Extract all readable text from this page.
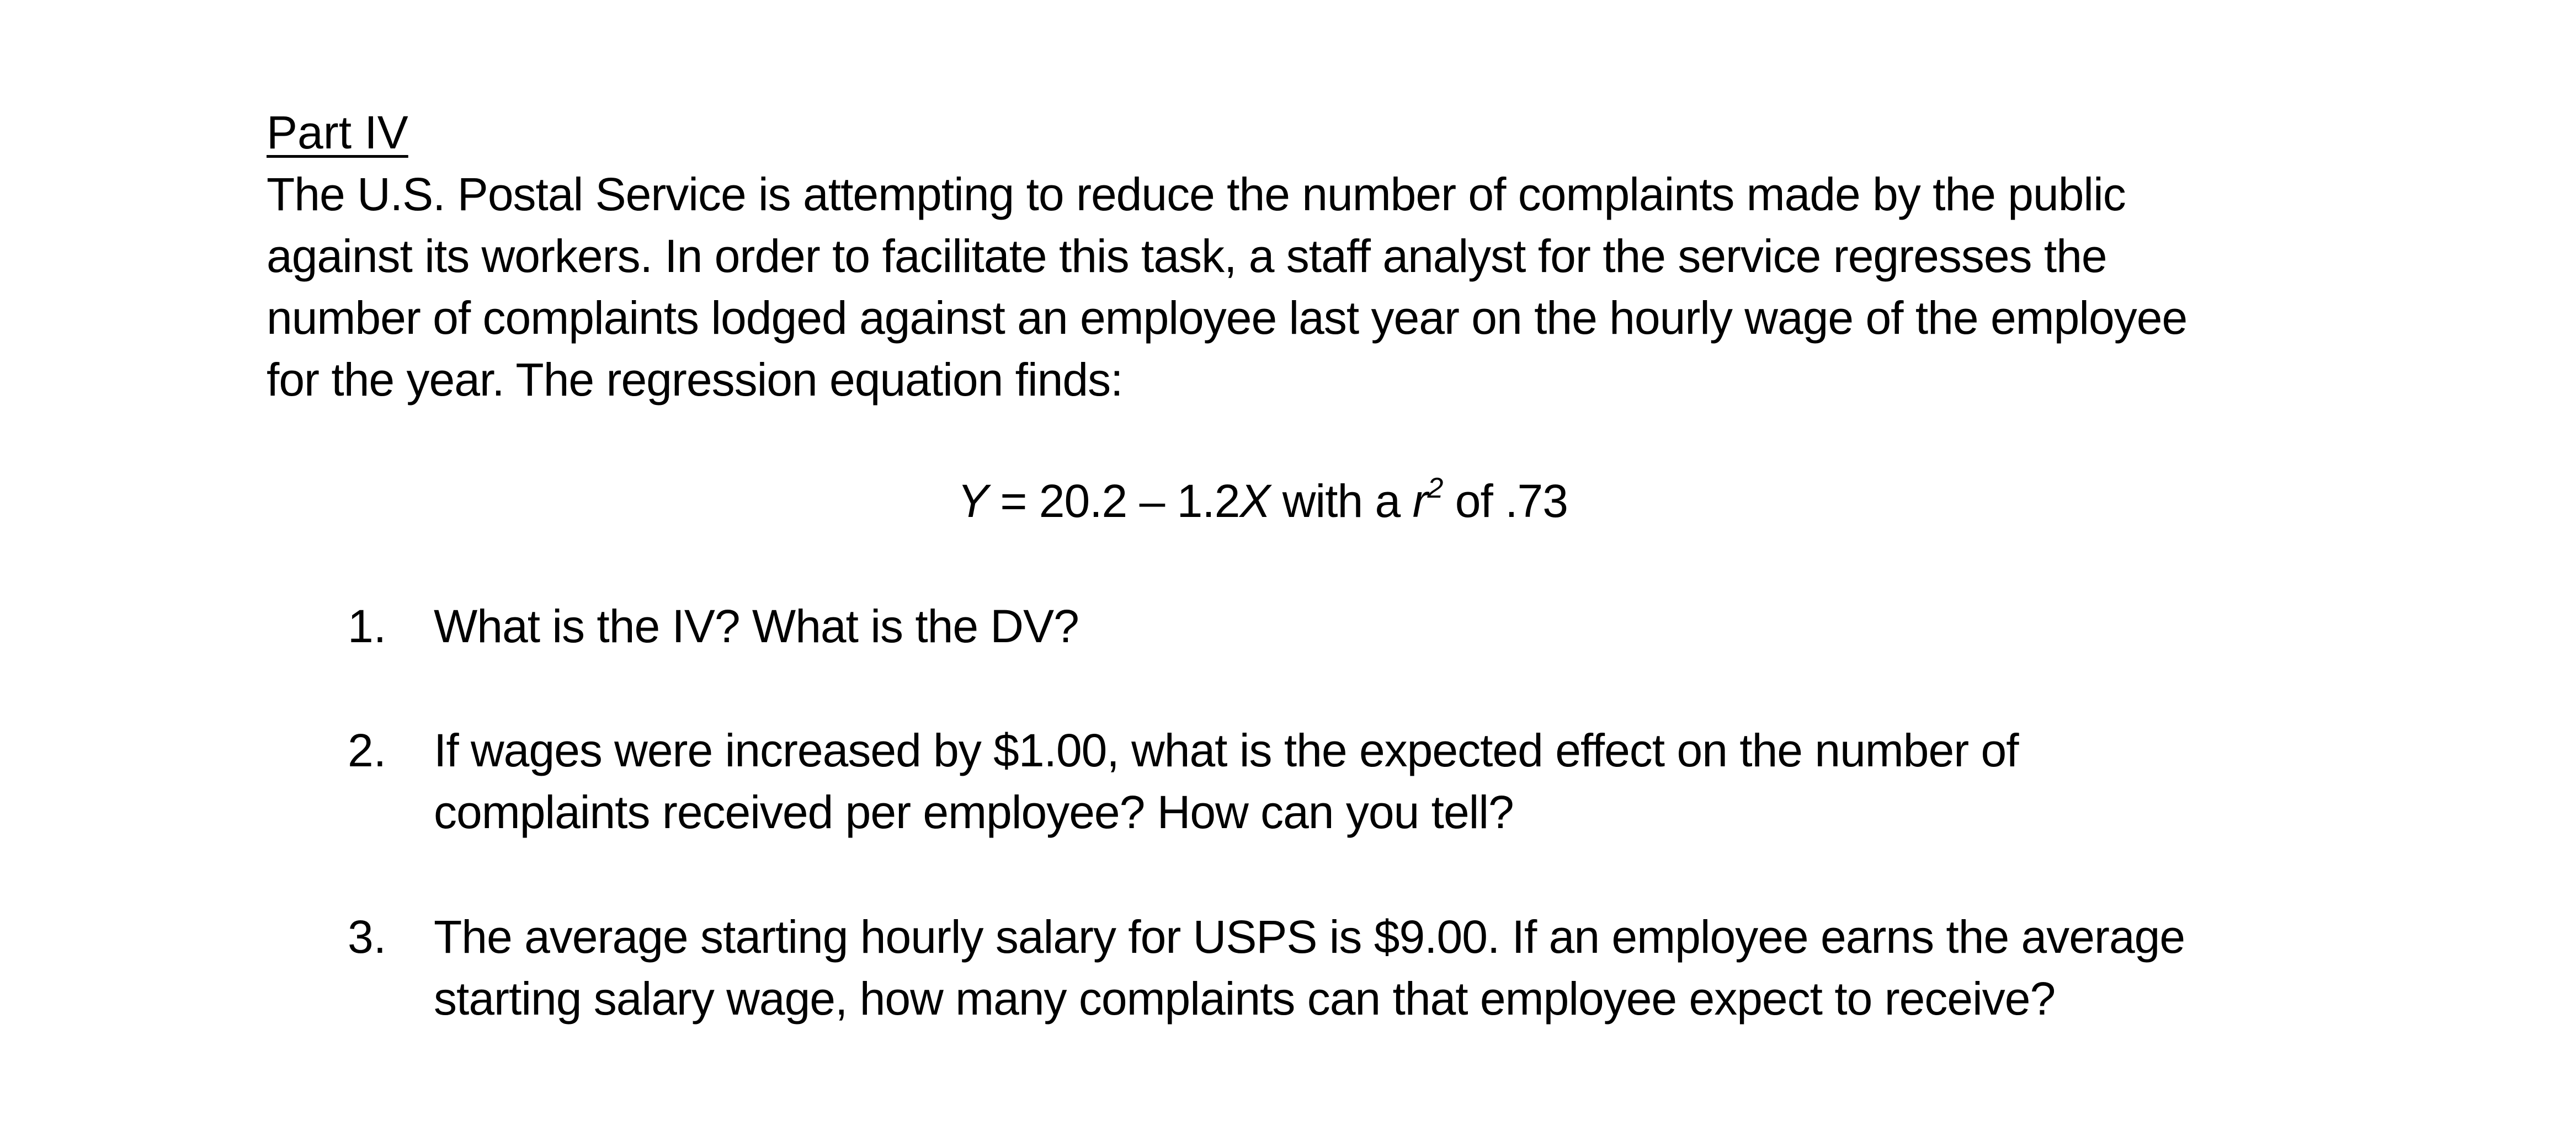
Part IV
The U.S. Postal Service is attempting to reduce the number of complaints made by the public
against its workers. In order to facilitate this task, a staff analyst for the service regresses the
number of complaints lodged against an employee last year on the hourly wage of the employee
for the year. The regression equation finds:
Y = 20.2 – 1.2X with a $r^2$ of .73
1. What is the IV? What is the DV?
2. If wages were increased by $1.00, what is the expected effect on the number of
complaints received per employee? How can you tell?
3. The average starting hourly salary for USPS is $9.00. If an employee earns the average
starting salary wage, how many complaints can that employee expect to receive?
